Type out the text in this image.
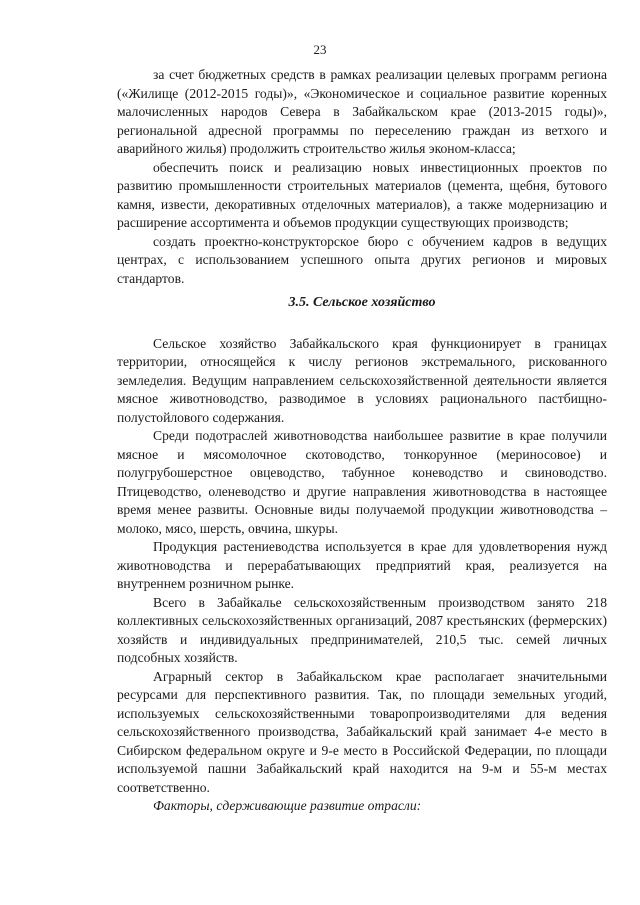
23

за счет бюджетных средств в рамках реализации целевых программ региона («Жилище (2012-2015 годы)», «Экономическое и социальное развитие коренных малочисленных народов Севера в Забайкальском крае (2013-2015 годы)», региональной адресной программы по переселению граждан из ветхого и аварийного жилья) продолжить строительство жилья эконом-класса;

обеспечить поиск и реализацию новых инвестиционных проектов по развитию промышленности строительных материалов (цемента, щебня, бутового камня, извести, декоративных отделочных материалов), а также модернизацию и расширение ассортимента и объемов продукции существующих производств;

создать проектно-конструкторское бюро с обучением кадров в ведущих центрах, с использованием успешного опыта других регионов и мировых стандартов.

3.5. Сельское хозяйство

Сельское хозяйство Забайкальского края функционирует в границах территории, относящейся к числу регионов экстремального, рискованного земледелия. Ведущим направлением сельскохозяйственной деятельности является мясное животноводство, разводимое в условиях рационального пастбищно-полустойлового содержания.

Среди подотраслей животноводства наибольшее развитие в крае получили мясное и мясомолочное скотоводство, тонкорунное (мериносовое) и полугрубошерстное овцеводство, табунное коневодство и свиноводство. Птицеводство, оленеводство и другие направления животноводства в настоящее время менее развиты. Основные виды получаемой продукции животноводства – молоко, мясо, шерсть, овчина, шкуры.

Продукция растениеводства используется в крае для удовлетворения нужд животноводства и перерабатывающих предприятий края, реализуется на внутреннем розничном рынке.

Всего в Забайкалье сельскохозяйственным производством занято 218 коллективных сельскохозяйственных организаций, 2087 крестьянских (фермерских) хозяйств и индивидуальных предпринимателей, 210,5 тыс. семей личных подсобных хозяйств.

Аграрный сектор в Забайкальском крае располагает значительными ресурсами для перспективного развития. Так, по площади земельных угодий, используемых сельскохозяйственными товаропроизводителями для ведения сельскохозяйственного производства, Забайкальский край занимает 4-е место в Сибирском федеральном округе и 9-е место в Российской Федерации, по площади используемой пашни Забайкальский край находится на 9-м и 55-м местах соответственно.

Факторы, сдерживающие развитие отрасли:
